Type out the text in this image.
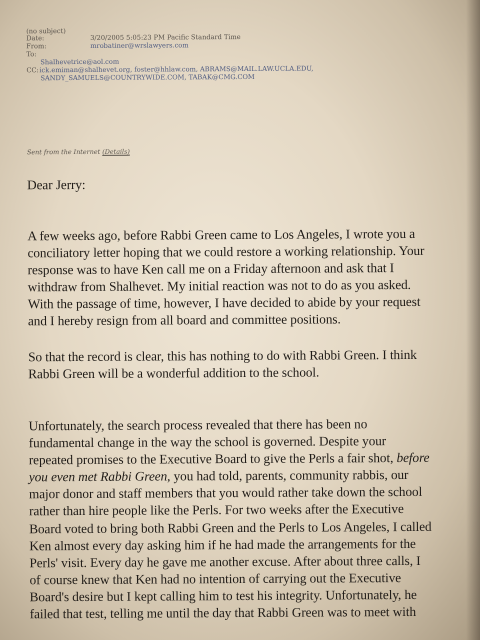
(no subject)
Date:	3/20/2005 5:05:23 PM Pacific Standard Time
From:	mrobatiner@wrslawyers.com
To:
Shalhevetrice@aol.com
CC: ick.emiman@shalhevet.org, foster@hhlaw.com, ABRAMS@MAIL.LAW.UCLA.EDU,
SANDY_SAMUELS@COUNTRYWIDE.COM, TABAK@CMG.COM
Sent from the Internet (Details)
Dear Jerry:
A few weeks ago, before Rabbi Green came to Los Angeles, I wrote you a
conciliatory letter hoping that we could restore a working relationship. Your
response was to have Ken call me on a Friday afternoon and ask that I
withdraw from Shalhevet. My initial reaction was not to do as you asked.
With the passage of time, however, I have decided to abide by your request
and I hereby resign from all board and committee positions.
So that the record is clear, this has nothing to do with Rabbi Green. I think
Rabbi Green will be a wonderful addition to the school.
Unfortunately, the search process revealed that there has been no
fundamental change in the way the school is governed. Despite your
repeated promises to the Executive Board to give the Perls a fair shot, before
you even met Rabbi Green, you had told, parents, community rabbis, our
major donor and staff members that you would rather take down the school
rather than hire people like the Perls. For two weeks after the Executive
Board voted to bring both Rabbi Green and the Perls to Los Angeles, I called
Ken almost every day asking him if he had made the arrangements for the
Perls' visit. Every day he gave me another excuse. After about three calls, I
of course knew that Ken had no intention of carrying out the Executive
Board's desire but I kept calling him to test his integrity. Unfortunately, he
failed that test, telling me until the day that Rabbi Green was to meet with
